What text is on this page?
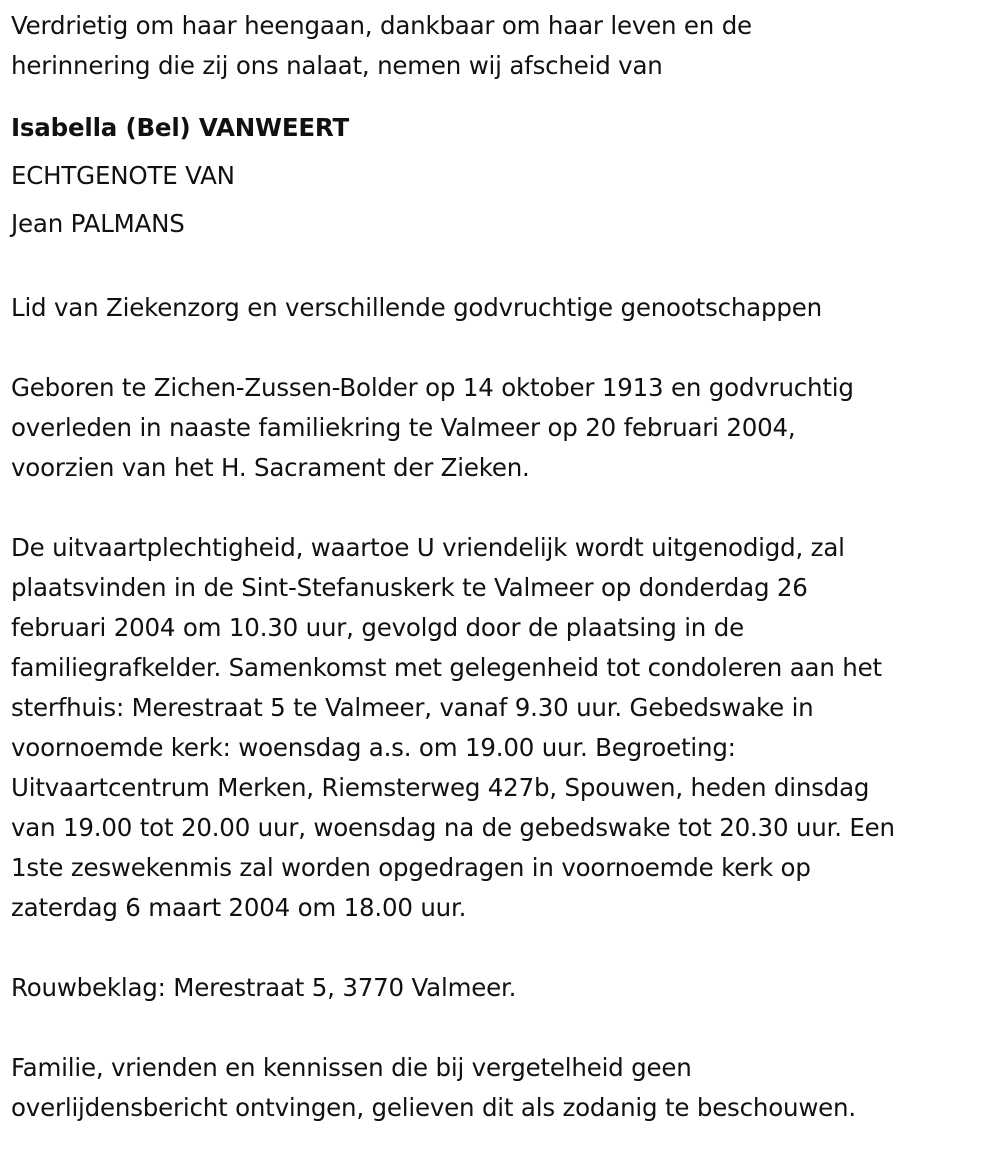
Verdrietig om haar heengaan, dankbaar om haar leven en de
herinnering die zij ons nalaat, nemen wij afscheid van

Isabella (Bel) VANWEERT

ECHTGENOTE VAN

Jean PALMANS

Lid van Ziekenzorg en verschillende godvruchtige genootschappen

Geboren te Zichen-Zussen-Bolder op 14 oktober 1913 en godvruchtig
overleden in naaste familiekring te Valmeer op 20 februari 2004,
voorzien van het H. Sacrament der Zieken.

De uitvaartplechtigheid, waartoe U vriendelijk wordt uitgenodigd, zal
plaatsvinden in de Sint-Stefanuskerk te Valmeer op donderdag 26
februari 2004 om 10.30 uur, gevolgd door de plaatsing in de
familiegrafkelder. Samenkomst met gelegenheid tot condoleren aan het
sterfhuis: Merestraat 5 te Valmeer, vanaf 9.30 uur. Gebedswake in
voornoemde kerk: woensdag a.s. om 19.00 uur. Begroeting:
Uitvaartcentrum Merken, Riemsterweg 427b, Spouwen, heden dinsdag
van 19.00 tot 20.00 uur, woensdag na de gebedswake tot 20.30 uur. Een
1ste zeswekenmis zal worden opgedragen in voornoemde kerk op
zaterdag 6 maart 2004 om 18.00 uur.

Rouwbeklag: Merestraat 5, 3770 Valmeer.

Familie, vrienden en kennissen die bij vergetelheid geen
overlijdensbericht ontvingen, gelieven dit als zodanig te beschouwen.
